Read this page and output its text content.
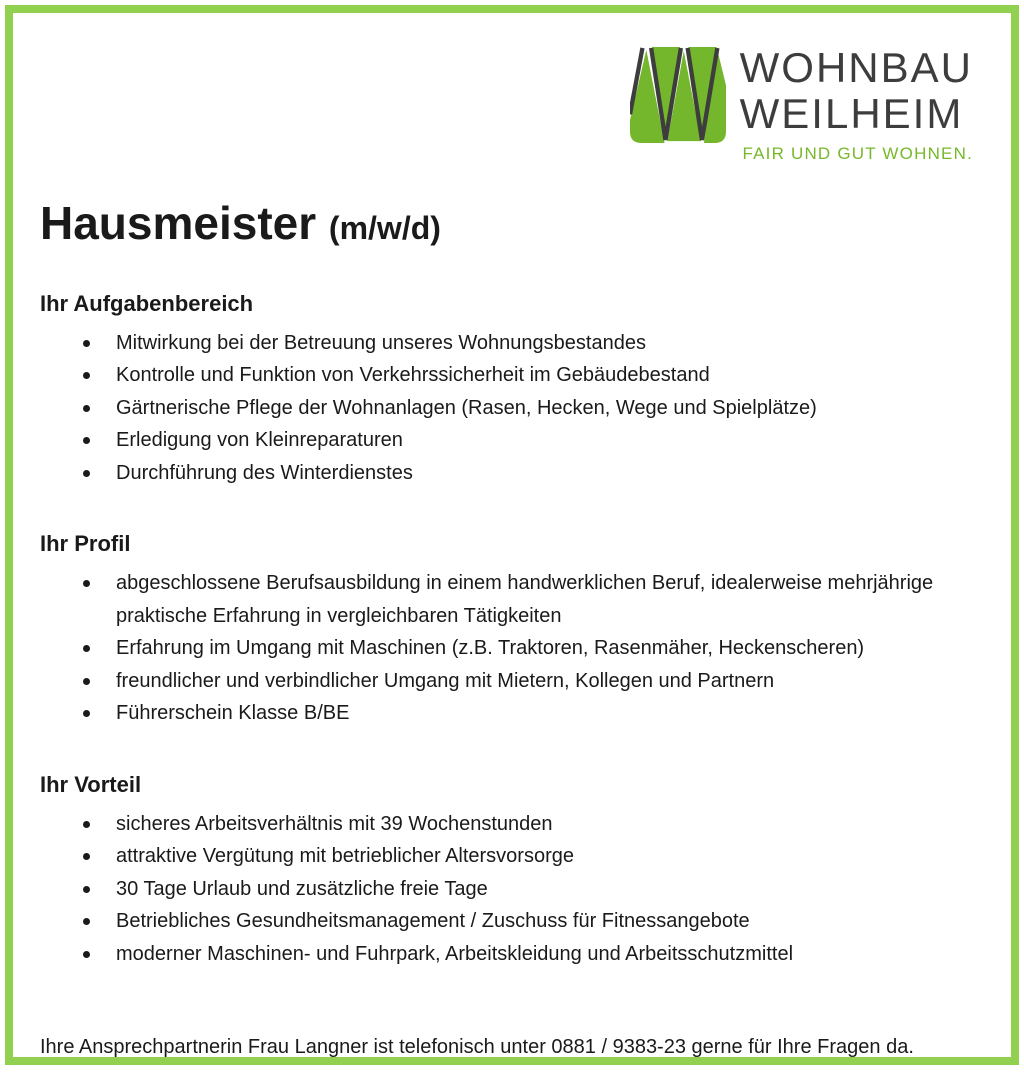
WOHNBAU
WEILHEIM
FAIR UND GUT WOHNEN.
Hausmeister (m/w/d)
Ihr Aufgabenbereich
Mitwirkung bei der Betreuung unseres Wohnungsbestandes
Kontrolle und Funktion von Verkehrssicherheit im Gebäudebestand
Gärtnerische Pflege der Wohnanlagen (Rasen, Hecken, Wege und Spielplätze)
Erledigung von Kleinreparaturen
Durchführung des Winterdienstes
Ihr Profil
abgeschlossene Berufsausbildung in einem handwerklichen Beruf, idealerweise mehrjährige praktische Erfahrung in vergleichbaren Tätigkeiten
Erfahrung im Umgang mit Maschinen (z.B. Traktoren, Rasenmäher, Heckenscheren)
freundlicher und verbindlicher Umgang mit Mietern, Kollegen und Partnern
Führerschein Klasse B/BE
Ihr Vorteil
sicheres Arbeitsverhältnis mit 39 Wochenstunden
attraktive Vergütung mit betrieblicher Altersvorsorge
30 Tage Urlaub und zusätzliche freie Tage
Betriebliches Gesundheitsmanagement / Zuschuss für Fitnessangebote
moderner Maschinen- und Fuhrpark, Arbeitskleidung und Arbeitsschutzmittel

Ihre Ansprechpartnerin Frau Langner ist telefonisch unter 0881 / 9383-23 gerne für Ihre Fragen da.
